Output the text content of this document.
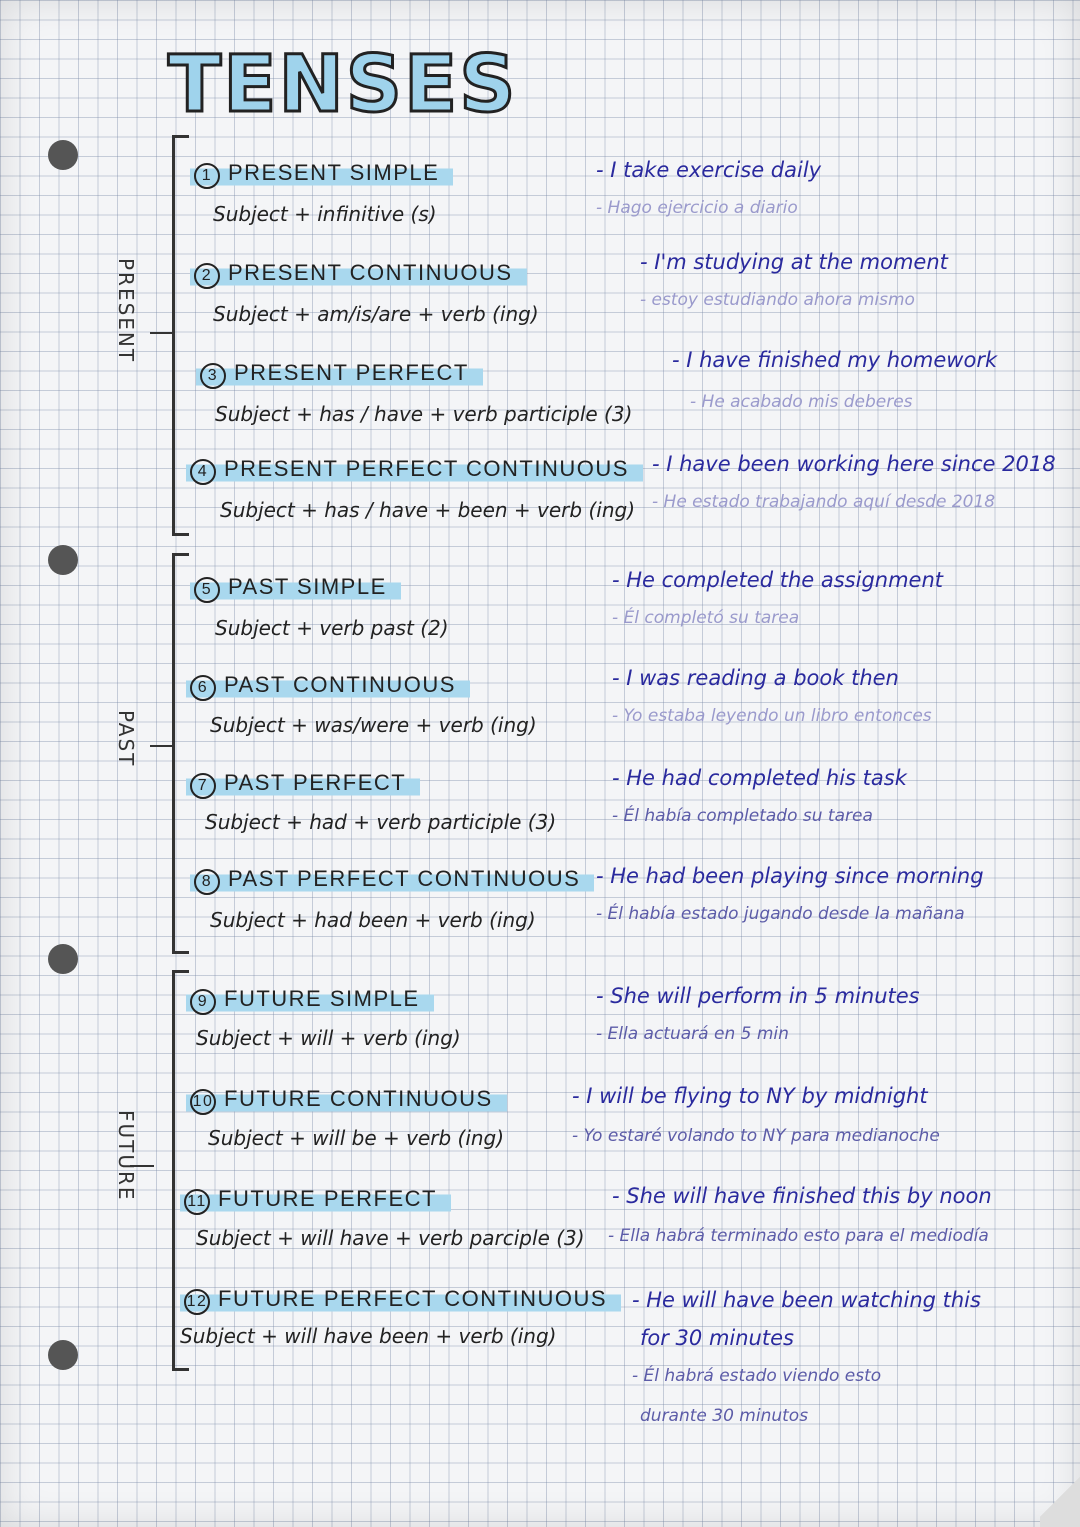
TENSES
PRESENT
PAST
FUTURE
1 PRESENT SIMPLE
Subject + infinitive (s)
- I take exercise daily
- Hago ejercicio a diario
2 PRESENT CONTINUOUS
Subject + am/is/are + verb (ing)
- I'm studying at the moment
- estoy estudiando ahora mismo
3 PRESENT PERFECT
Subject + has / have + verb participle (3)
- I have finished my homework
- He acabado mis deberes
4 PRESENT PERFECT CONTINUOUS
Subject + has / have + been + verb (ing)
- I have been working here since 2018
- He estado trabajando aquí desde 2018
5 PAST SIMPLE
Subject + verb past (2)
- He completed the assignment
- Él completó su tarea
6 PAST CONTINUOUS
Subject + was/were + verb (ing)
- I was reading a book then
- Yo estaba leyendo un libro entonces
7 PAST PERFECT
Subject + had + verb participle (3)
- He had completed his task
- Él había completado su tarea
8 PAST PERFECT CONTINUOUS
Subject + had been + verb (ing)
- He had been playing since morning
- Él había estado jugando desde la mañana
9 FUTURE SIMPLE
Subject + will + verb (ing)
- She will perform in 5 minutes
- Ella actuará en 5 min
10 FUTURE CONTINUOUS
Subject + will be + verb (ing)
- I will be flying to NY by midnight
- Yo estaré volando to NY para medianoche
11 FUTURE PERFECT
Subject + will have + verb parciple (3)
- She will have finished this by noon
- Ella habrá terminado esto para el mediodía
12 FUTURE PERFECT CONTINUOUS
Subject + will have been + verb (ing)
- He will have been watching this
for 30 minutes
- Él habrá estado viendo esto
durante 30 minutos
